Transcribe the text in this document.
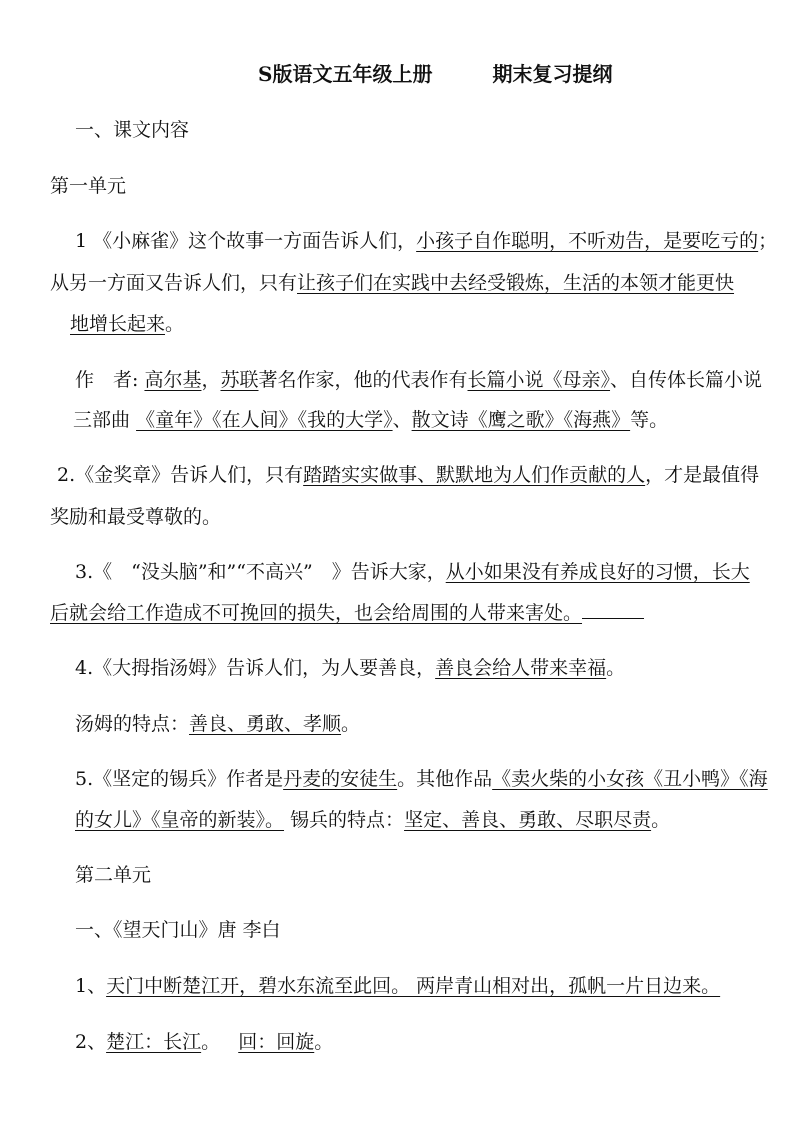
S版语文五年级上册	期末复习提纲
一、课文内容
第一单元
1 《小麻雀》这个故事一方面告诉人们，小孩子自作聪明，不听劝告，是要吃亏的；
从另一方面又告诉人们，只有让孩子们在实践中去经受锻炼，生活的本领才能更快
地增长起来。
作　者: 高尔基，苏联著名作家，他的代表作有长篇小说《母亲》、自传体长篇小说
三部曲 《童年》《在人间》《我的大学》、散文诗《鹰之歌》《海燕》等。
2.《金奖章》告诉人们，只有踏踏实实做事、默默地为人们作贡献的人，才是最值得
奖励和最受尊敬的。
3.《　“没头脑”和”“不高兴”　》告诉大家，从小如果没有养成良好的习惯，长大
后就会给工作造成不可挽回的损失，也会给周围的人带来害处。
4.《大拇指汤姆》告诉人们，为人要善良，善良会给人带来幸福。
汤姆的特点：善良、勇敢、孝顺。
5.《坚定的锡兵》作者是丹麦的安徒生。其他作品《卖火柴的小女孩《丑小鸭》《海
的女儿》《皇帝的新装》。 锡兵的特点：坚定、善良、勇敢、尽职尽责。
第二单元
一、《望天门山》唐 李白
1、天门中断楚江开，碧水东流至此回。 两岸青山相对出，孤帆一片日边来。
2、楚江：长江。   回：回旋。
